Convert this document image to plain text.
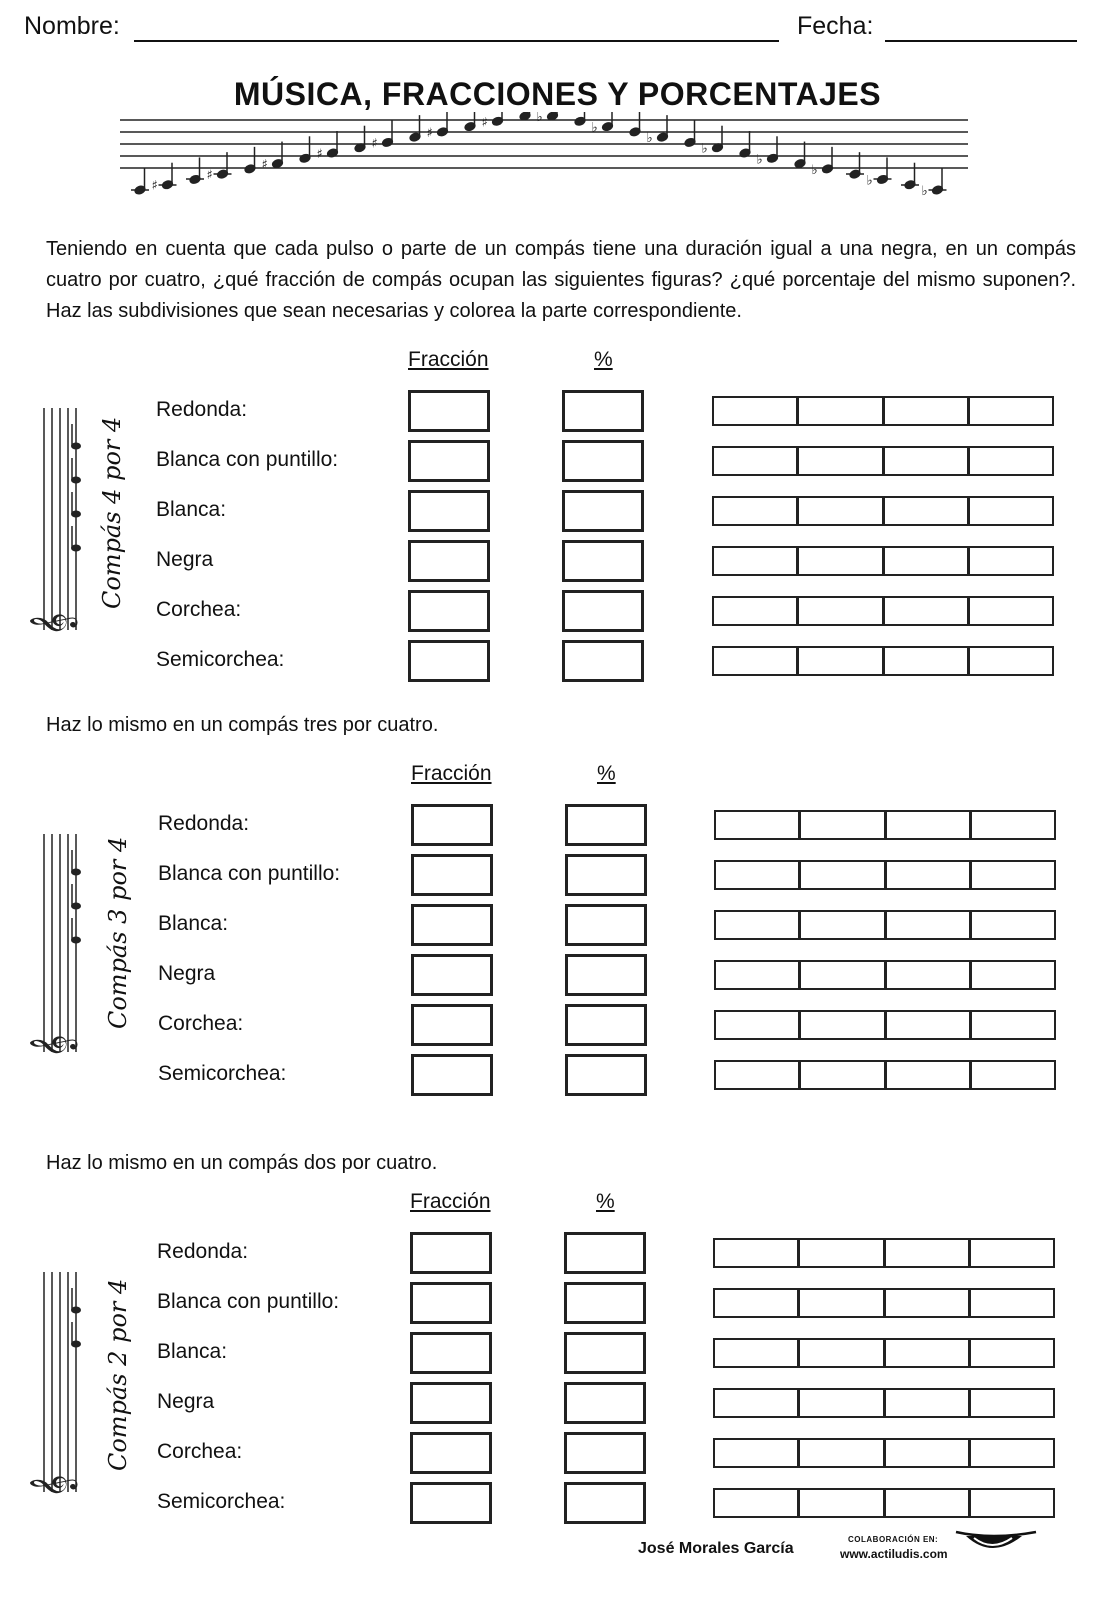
Nombre:	Fecha:
MÚSICA, FRACCIONES Y PORCENTAJES
♯
♯
♯
♯
♯
♯
♯	♭
♭
♭
♭
♭
♭
♭
♭
Teniendo en cuenta que cada pulso o parte de un compás tiene una duración igual a una negra, en un compás cuatro por cuatro, ¿qué fracción de compás ocupan las siguientes figuras? ¿qué porcentaje del mismo suponen?. Haz las subdivisiones que sean necesarias y colorea la parte correspondiente.
Fracción	%
𝄞
Compás 4 por 4
Redonda:
Blanca con puntillo:
Blanca:
Negra
Corchea:
Semicorchea:
Haz lo mismo en un compás tres por cuatro.
Fracción	%
𝄞
Compás 3 por 4
Redonda:
Blanca con puntillo:
Blanca:
Negra
Corchea:
Semicorchea:
Haz lo mismo en un compás dos por cuatro.
Fracción	%
𝄞
Compás 2 por 4
Redonda:
Blanca con puntillo:
Blanca:
Negra
Corchea:
Semicorchea:
José Morales García
COLABORACIÓN EN:
www.actiludis.com
